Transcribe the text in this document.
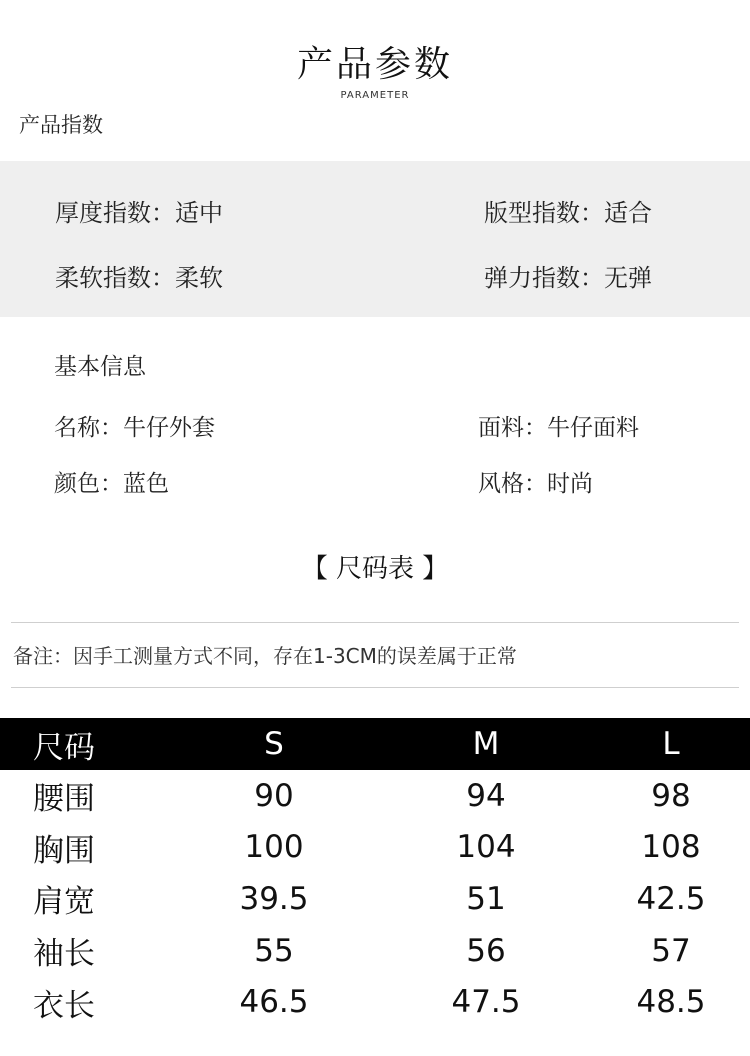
产品参数
PARAMETER
产品指数
厚度指数：适中	版型指数：适合
柔软指数：柔软	弹力指数：无弹
基本信息
名称：牛仔外套	面料：牛仔面料
颜色：蓝色	风格：时尚
【 尺码表 】
备注：因手工测量方式不同，存在1-3CM的误差属于正常
尺码	S	M	L
腰围	90	94	98
胸围	100	104	108
肩宽	39.5	51	42.5
袖长	55	56	57
衣长	46.5	47.5	48.5
